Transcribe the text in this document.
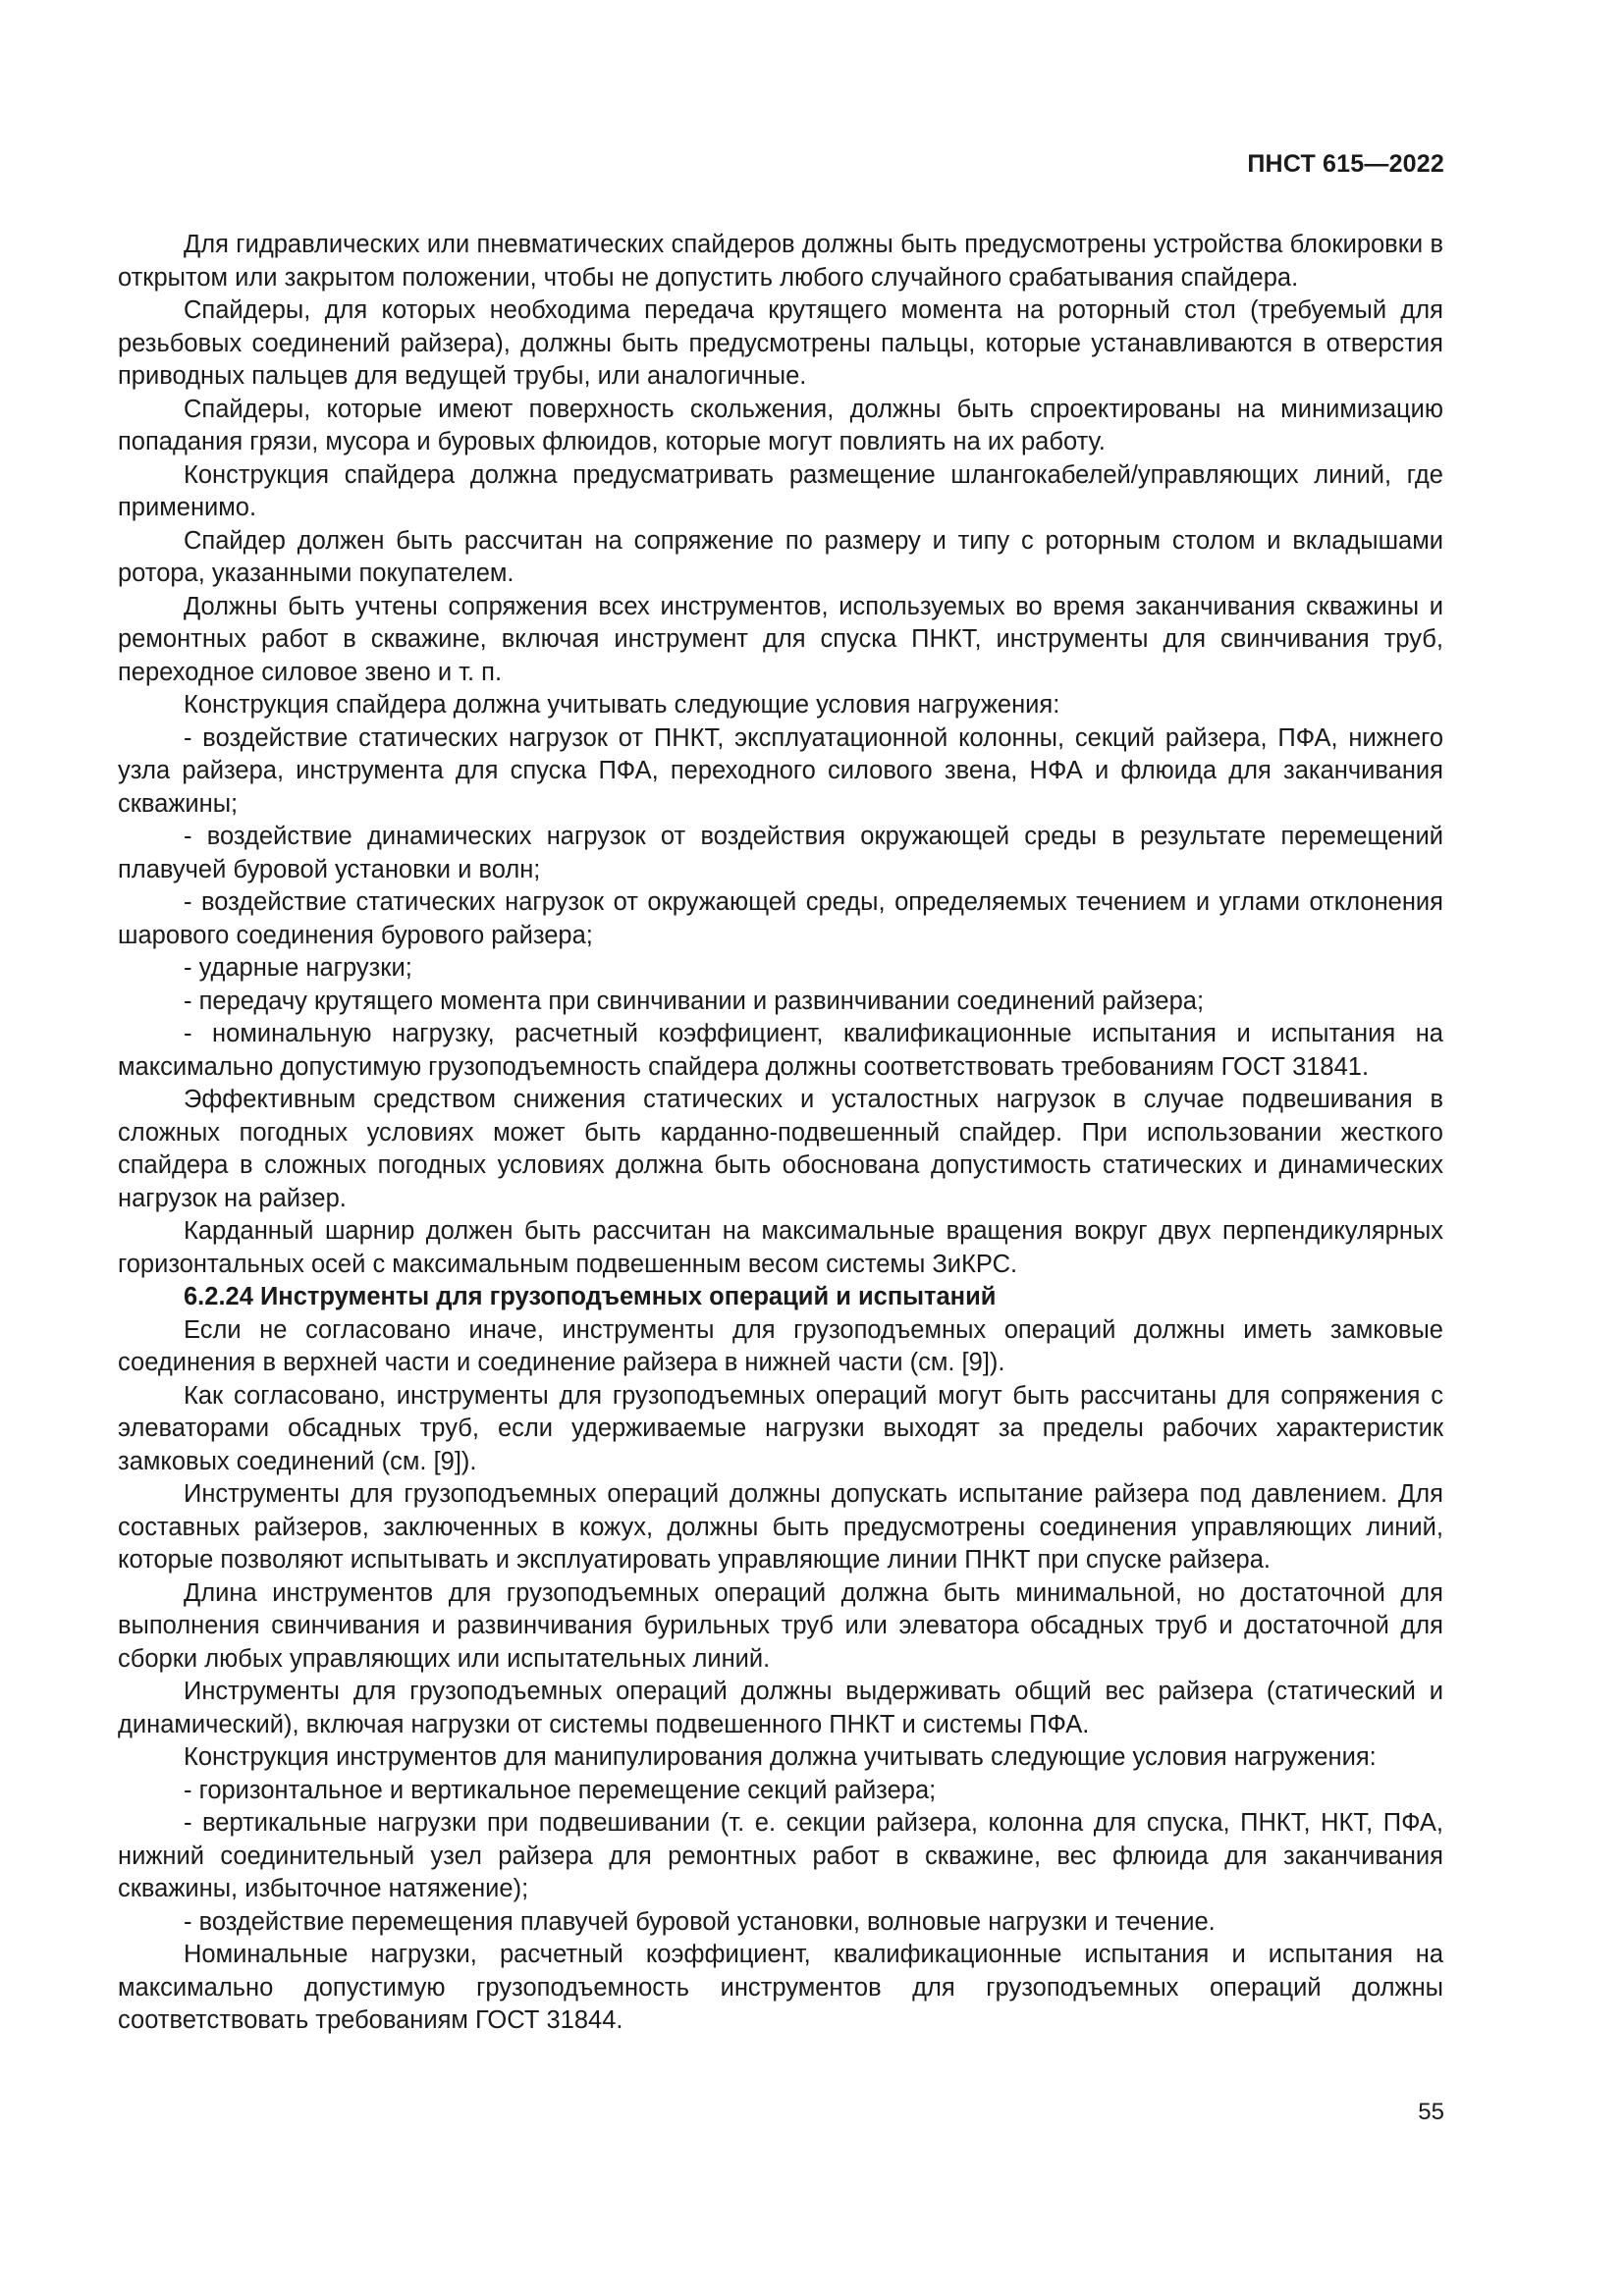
ПНСТ 615—2022

Для гидравлических или пневматических спайдеров должны быть предусмотрены устройства блокировки в открытом или закрытом положении, чтобы не допустить любого случайного срабатывания спайдера.

Спайдеры, для которых необходима передача крутящего момента на роторный стол (требуемый для резьбовых соединений райзера), должны быть предусмотрены пальцы, которые устанавливаются в отверстия приводных пальцев для ведущей трубы, или аналогичные.

Спайдеры, которые имеют поверхность скольжения, должны быть спроектированы на минимизацию попадания грязи, мусора и буровых флюидов, которые могут повлиять на их работу.

Конструкция спайдера должна предусматривать размещение шлангокабелей/управляющих линий, где применимо.

Спайдер должен быть рассчитан на сопряжение по размеру и типу с роторным столом и вкладышами ротора, указанными покупателем.

Должны быть учтены сопряжения всех инструментов, используемых во время заканчивания скважины и ремонтных работ в скважине, включая инструмент для спуска ПНКТ, инструменты для свинчивания труб, переходное силовое звено и т. п.

Конструкция спайдера должна учитывать следующие условия нагружения:

- воздействие статических нагрузок от ПНКТ, эксплуатационной колонны, секций райзера, ПФА, нижнего узла райзера, инструмента для спуска ПФА, переходного силового звена, НФА и флюида для заканчивания скважины;

- воздействие динамических нагрузок от воздействия окружающей среды в результате перемещений плавучей буровой установки и волн;

- воздействие статических нагрузок от окружающей среды, определяемых течением и углами отклонения шарового соединения бурового райзера;

- ударные нагрузки;

- передачу крутящего момента при свинчивании и развинчивании соединений райзера;

- номинальную нагрузку, расчетный коэффициент, квалификационные испытания и испытания на максимально допустимую грузоподъемность спайдера должны соответствовать требованиям ГОСТ 31841.

Эффективным средством снижения статических и усталостных нагрузок в случае подвешивания в сложных погодных условиях может быть карданно-подвешенный спайдер. При использовании жесткого спайдера в сложных погодных условиях должна быть обоснована допустимость статических и динамических нагрузок на райзер.

Карданный шарнир должен быть рассчитан на максимальные вращения вокруг двух перпендикулярных горизонтальных осей с максимальным подвешенным весом системы ЗиКРС.

6.2.24 Инструменты для грузоподъемных операций и испытаний

Если не согласовано иначе, инструменты для грузоподъемных операций должны иметь замковые соединения в верхней части и соединение райзера в нижней части (см. [9]).

Как согласовано, инструменты для грузоподъемных операций могут быть рассчитаны для сопряжения с элеваторами обсадных труб, если удерживаемые нагрузки выходят за пределы рабочих характеристик замковых соединений (см. [9]).

Инструменты для грузоподъемных операций должны допускать испытание райзера под давлением. Для составных райзеров, заключенных в кожух, должны быть предусмотрены соединения управляющих линий, которые позволяют испытывать и эксплуатировать управляющие линии ПНКТ при спуске райзера.

Длина инструментов для грузоподъемных операций должна быть минимальной, но достаточной для выполнения свинчивания и развинчивания бурильных труб или элеватора обсадных труб и достаточной для сборки любых управляющих или испытательных линий.

Инструменты для грузоподъемных операций должны выдерживать общий вес райзера (статический и динамический), включая нагрузки от системы подвешенного ПНКТ и системы ПФА.

Конструкция инструментов для манипулирования должна учитывать следующие условия нагружения:

- горизонтальное и вертикальное перемещение секций райзера;

- вертикальные нагрузки при подвешивании (т. е. секции райзера, колонна для спуска, ПНКТ, НКТ, ПФА, нижний соединительный узел райзера для ремонтных работ в скважине, вес флюида для заканчивания скважины, избыточное натяжение);

- воздействие перемещения плавучей буровой установки, волновые нагрузки и течение.

Номинальные нагрузки, расчетный коэффициент, квалификационные испытания и испытания на максимально допустимую грузоподъемность инструментов для грузоподъемных операций должны соответствовать требованиям ГОСТ 31844.

55
